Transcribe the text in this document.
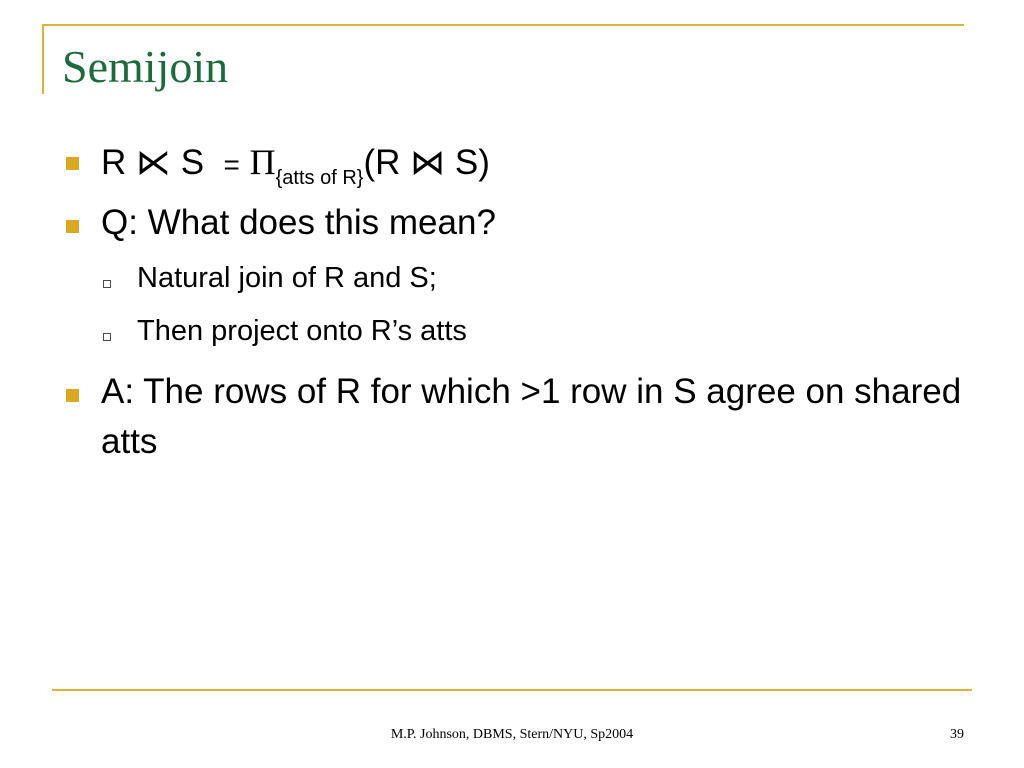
Semijoin
R ⋉ $S = \Pi_{\{atts of R\}}(R$ ⋈ S)
Q: What does this mean?
Natural join of R and S;
Then project onto R’s atts
A: The rows of R for which >1 row in S agree on shared atts
M.P. Johnson, DBMS, Stern/NYU, Sp2004	39
